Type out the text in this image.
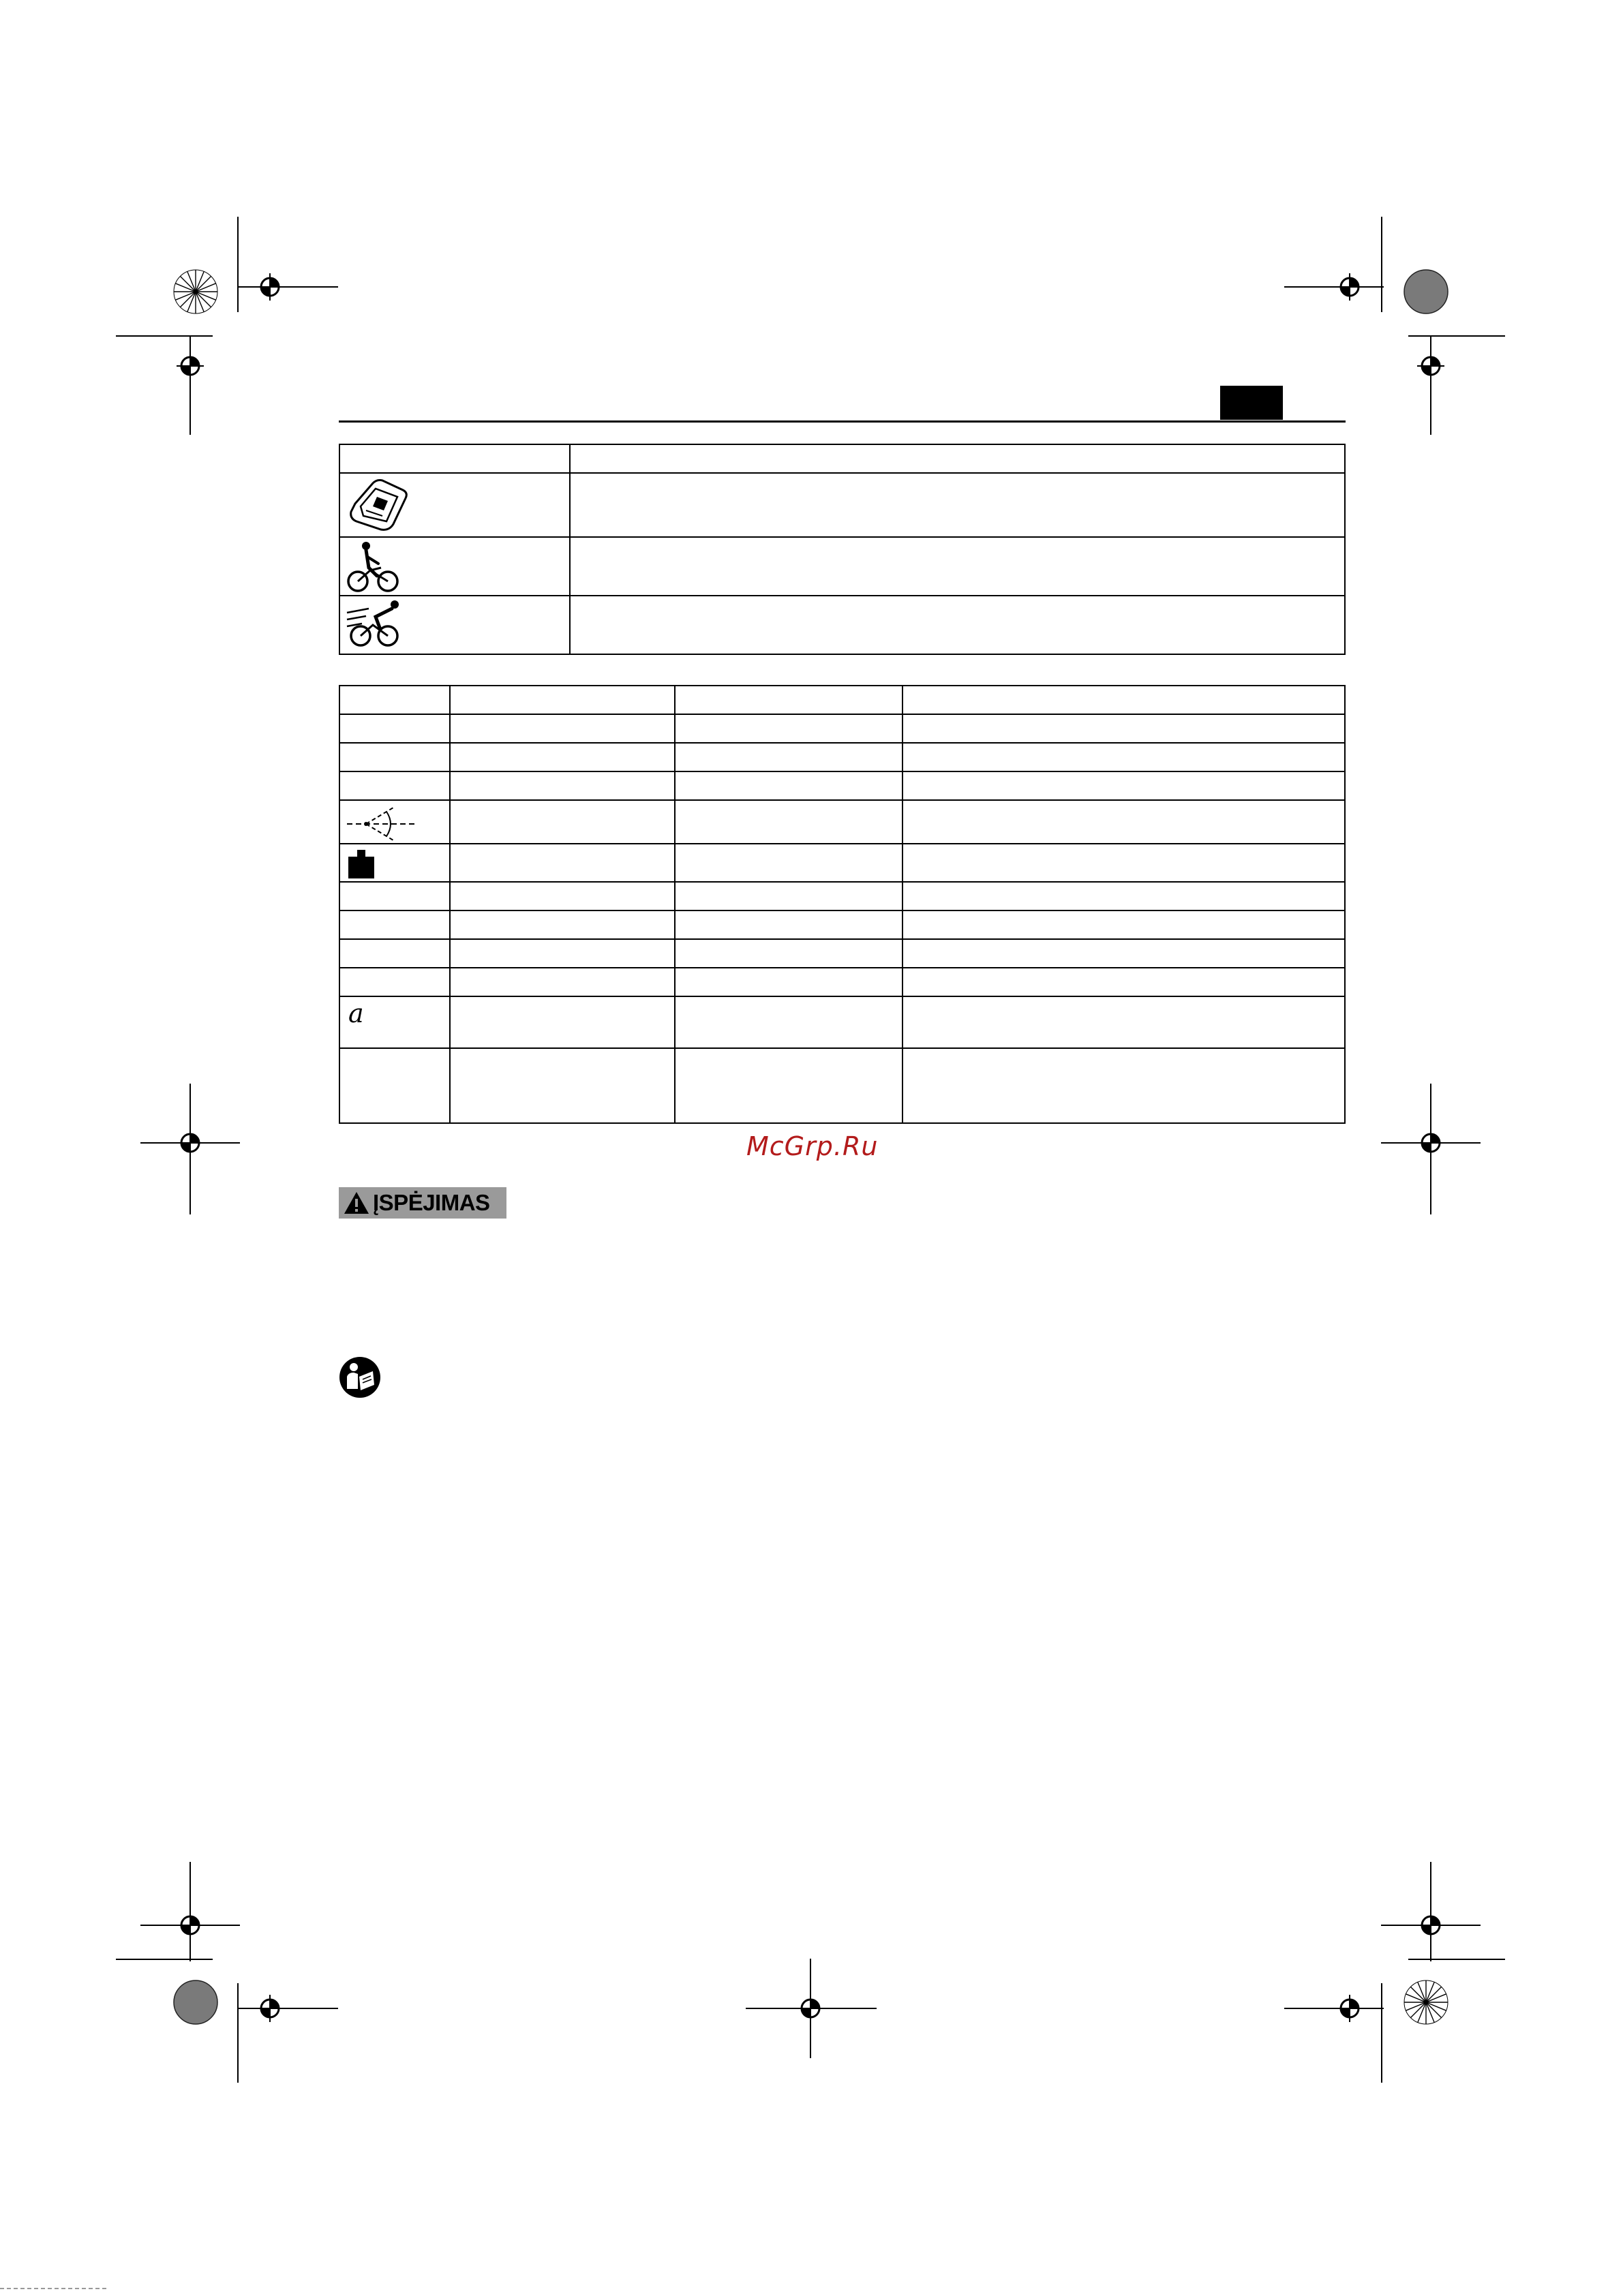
a			

McGrp.Ru
ĮSPĖJIMAS
